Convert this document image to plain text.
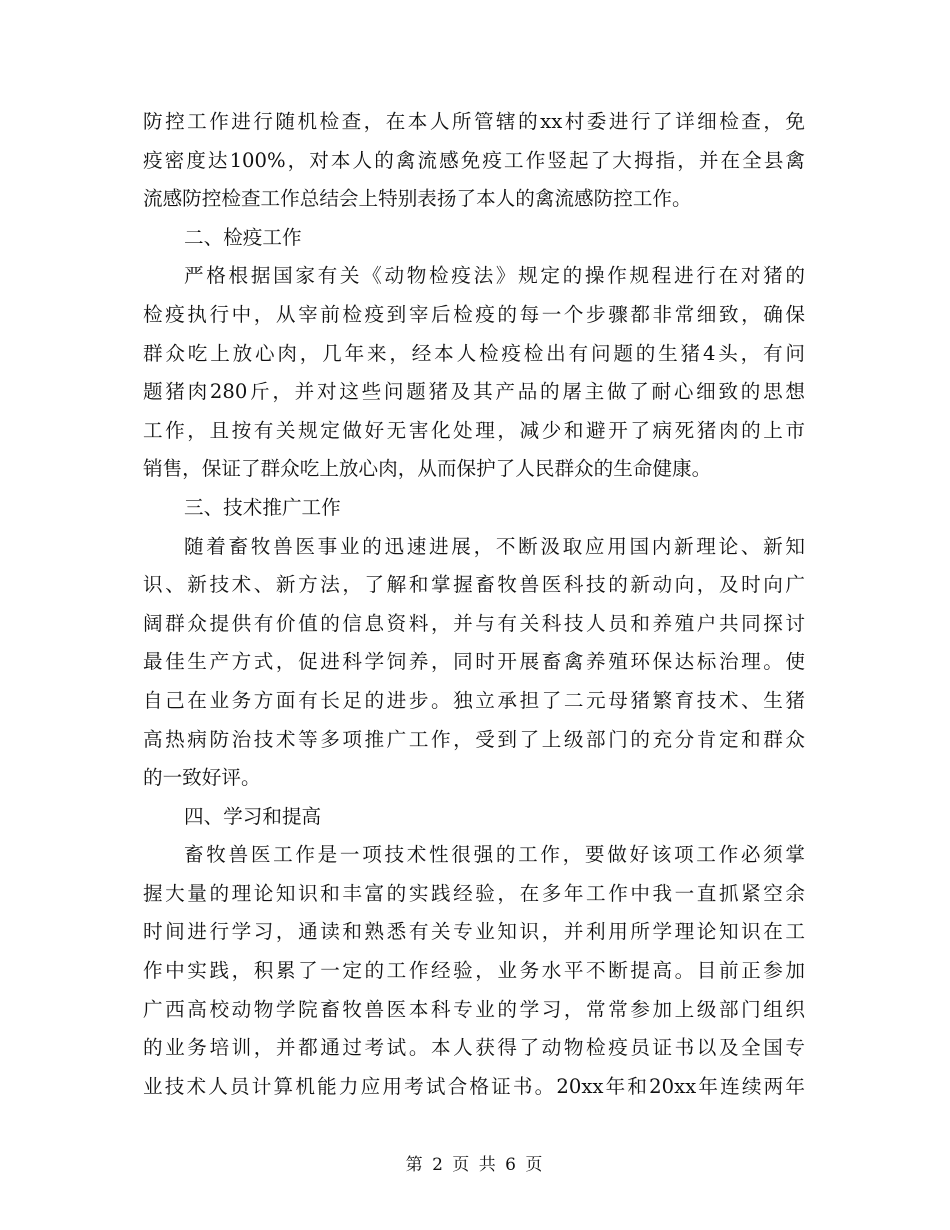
防控工作进行随机检查，在本人所管辖的xx村委进行了详细检查，免
疫密度达100%，对本人的禽流感免疫工作竖起了大拇指，并在全县禽
流感防控检查工作总结会上特别表扬了本人的禽流感防控工作。
二、检疫工作
严格根据国家有关《动物检疫法》规定的操作规程进行在对猪的
检疫执行中，从宰前检疫到宰后检疫的每一个步骤都非常细致，确保
群众吃上放心肉，几年来，经本人检疫检出有问题的生猪4头，有问
题猪肉280斤，并对这些问题猪及其产品的屠主做了耐心细致的思想
工作，且按有关规定做好无害化处理，减少和避开了病死猪肉的上市
销售，保证了群众吃上放心肉，从而保护了人民群众的生命健康。
三、技术推广工作
随着畜牧兽医事业的迅速进展，不断汲取应用国内新理论、新知
识、新技术、新方法，了解和掌握畜牧兽医科技的新动向，及时向广
阔群众提供有价值的信息资料，并与有关科技人员和养殖户共同探讨
最佳生产方式，促进科学饲养，同时开展畜禽养殖环保达标治理。使
自己在业务方面有长足的进步。独立承担了二元母猪繁育技术、生猪
高热病防治技术等多项推广工作，受到了上级部门的充分肯定和群众
的一致好评。
四、学习和提高
畜牧兽医工作是一项技术性很强的工作，要做好该项工作必须掌
握大量的理论知识和丰富的实践经验，在多年工作中我一直抓紧空余
时间进行学习，通读和熟悉有关专业知识，并利用所学理论知识在工
作中实践，积累了一定的工作经验，业务水平不断提高。目前正参加
广西高校动物学院畜牧兽医本科专业的学习，常常参加上级部门组织
的业务培训，并都通过考试。本人获得了动物检疫员证书以及全国专
业技术人员计算机能力应用考试合格证书。20xx年和20xx年连续两年
第 2 页 共 6 页
